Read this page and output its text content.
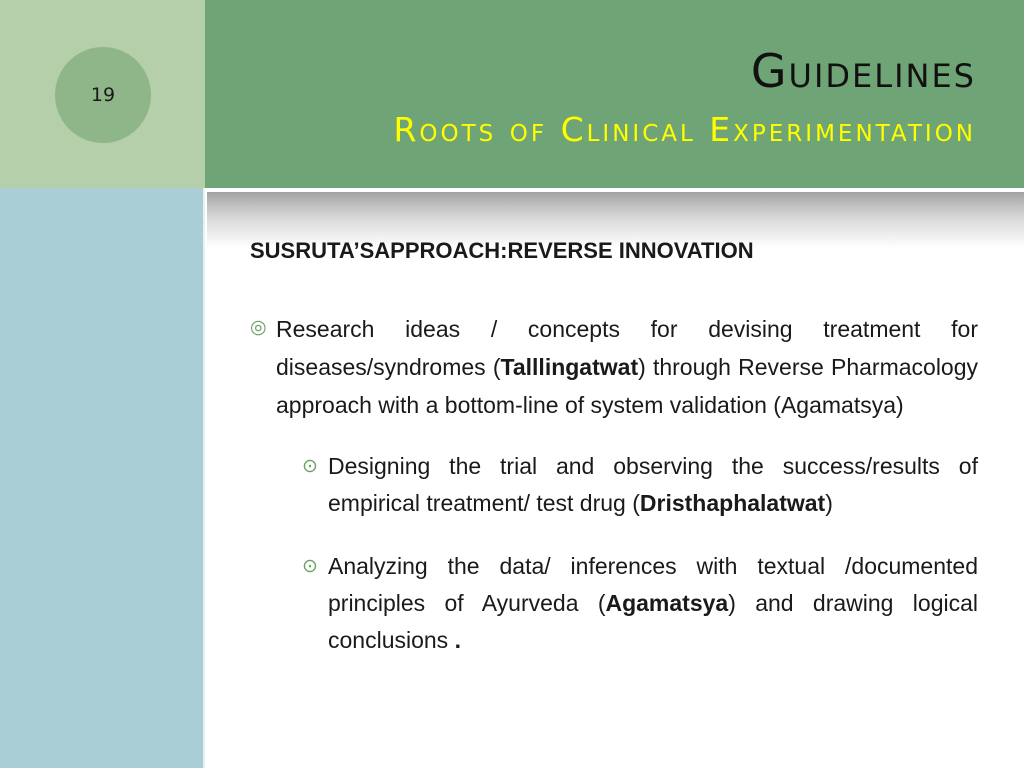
19	Guidelines
Roots of Clinical Experimentation

SUSRUTA’SAPPROACH:REVERSE INNOVATION

◎ Research ideas / concepts for devising treatment for diseases/syndromes (Talllingatwat) through Reverse Pharmacology approach with a bottom-line of system validation (Agamatsya)
⊙ Designing the trial and observing the success/results of empirical treatment/ test drug (Dristhaphalatwat)
⊙ Analyzing the data/ inferences with textual /documented principles of Ayurveda (Agamatsya) and drawing logical conclusions .
